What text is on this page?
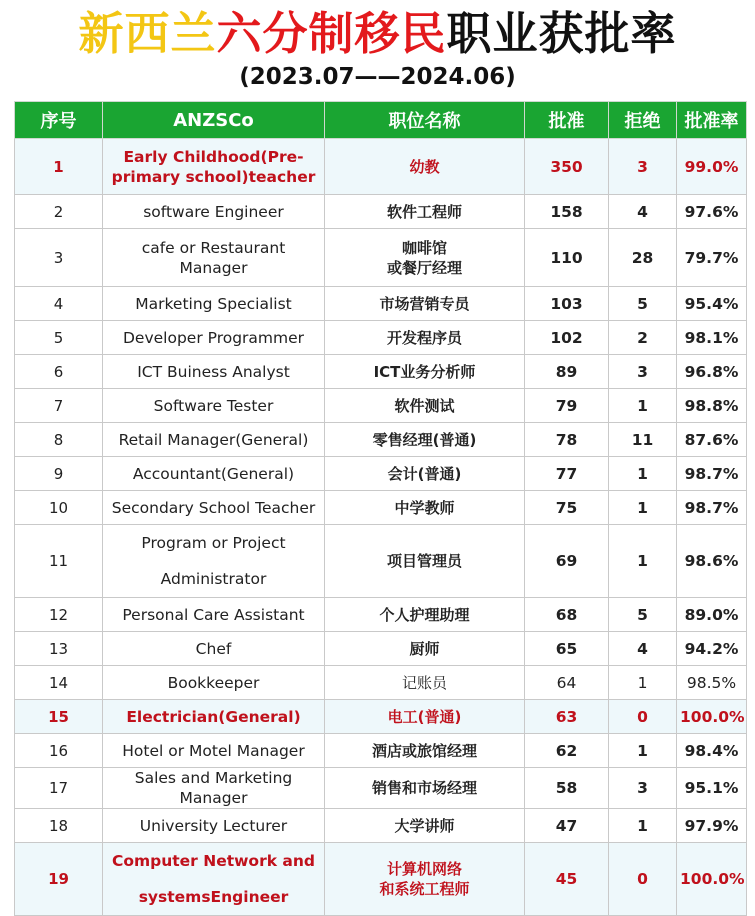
新西兰六分制移民职业获批率
(2023.07——2024.06)
序号	ANZSCo	职位名称	批准	拒绝	批准率
1	Early Childhood(Pre-primary school)teacher	幼教	350	3	99.0%
2	software Engineer	软件工程师	158	4	97.6%
3	cafe or Restaurant Manager	咖啡馆
或餐厅经理	110	28	79.7%
4	Marketing Specialist	市场营销专员	103	5	95.4%
5	Developer Programmer	开发程序员	102	2	98.1%
6	ICT Buiness Analyst	ICT业务分析师	89	3	96.8%
7	Software Tester	软件测试	79	1	98.8%
8	Retail Manager(General)	零售经理(普通)	78	11	87.6%
9	Accountant(General)	会计(普通)	77	1	98.7%
10	Secondary School Teacher	中学教师	75	1	98.7%
11	Program or Project
Administrator	项目管理员	69	1	98.6%
12	Personal Care Assistant	个人护理助理	68	5	89.0%
13	Chef	厨师	65	4	94.2%
14	Bookkeeper	记账员	64	1	98.5%
15	Electrician(General)	电工(普通)	63	0	100.0%
16	Hotel or Motel Manager	酒店或旅馆经理	62	1	98.4%
17	Sales and Marketing
Manager	销售和市场经理	58	3	95.1%
18	University Lecturer	大学讲师	47	1	97.9%
19	Computer Network and
systemsEngineer	计算机网络
和系统工程师	45	0	100.0%
